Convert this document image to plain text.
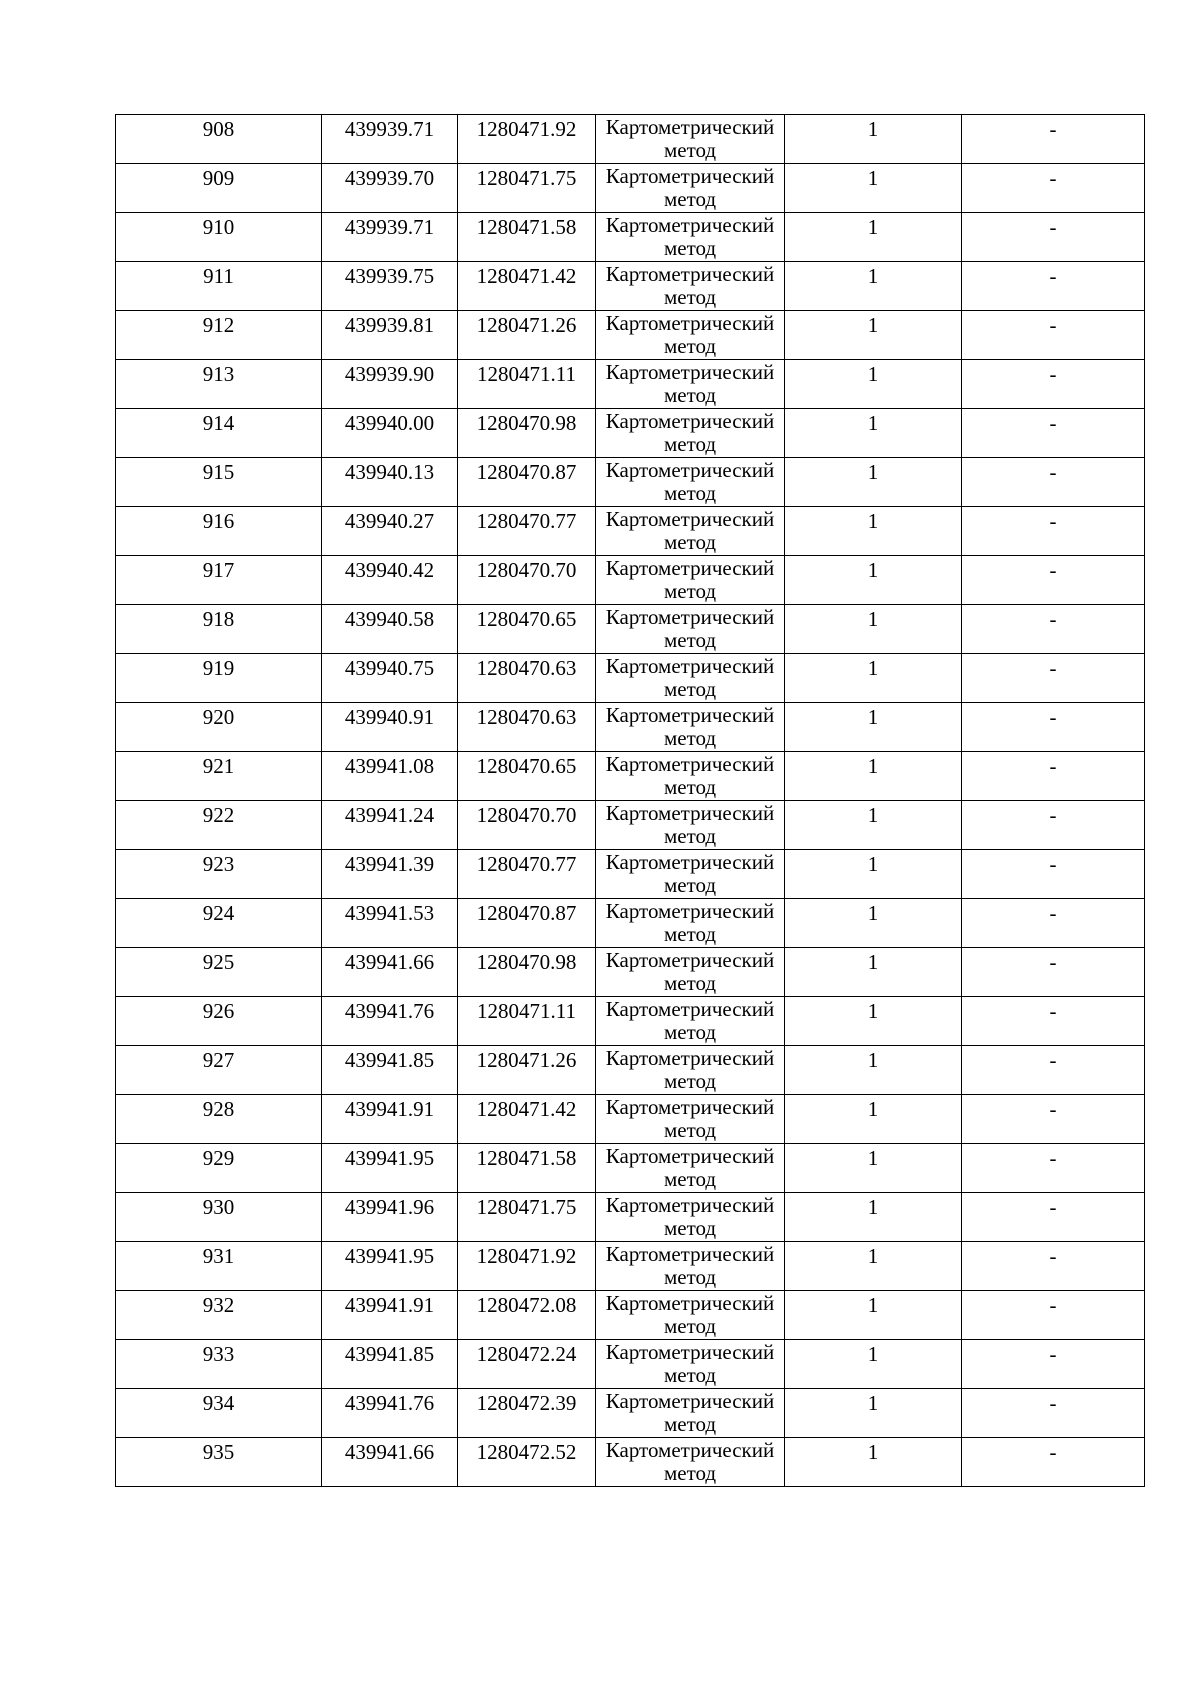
908	439939.71	1280471.92	Картометрический метод	1	-

909	439939.70	1280471.75	Картометрический метод	1	-

910	439939.71	1280471.58	Картометрический метод	1	-

911	439939.75	1280471.42	Картометрический метод	1	-

912	439939.81	1280471.26	Картометрический метод	1	-

913	439939.90	1280471.11	Картометрический метод	1	-

914	439940.00	1280470.98	Картометрический метод	1	-

915	439940.13	1280470.87	Картометрический метод	1	-

916	439940.27	1280470.77	Картометрический метод	1	-

917	439940.42	1280470.70	Картометрический метод	1	-

918	439940.58	1280470.65	Картометрический метод	1	-

919	439940.75	1280470.63	Картометрический метод	1	-

920	439940.91	1280470.63	Картометрический метод	1	-

921	439941.08	1280470.65	Картометрический метод	1	-

922	439941.24	1280470.70	Картометрический метод	1	-

923	439941.39	1280470.77	Картометрический метод	1	-

924	439941.53	1280470.87	Картометрический метод	1	-

925	439941.66	1280470.98	Картометрический метод	1	-

926	439941.76	1280471.11	Картометрический метод	1	-

927	439941.85	1280471.26	Картометрический метод	1	-

928	439941.91	1280471.42	Картометрический метод	1	-

929	439941.95	1280471.58	Картометрический метод	1	-

930	439941.96	1280471.75	Картометрический метод	1	-

931	439941.95	1280471.92	Картометрический метод	1	-

932	439941.91	1280472.08	Картометрический метод	1	-

933	439941.85	1280472.24	Картометрический метод	1	-

934	439941.76	1280472.39	Картометрический метод	1	-

935	439941.66	1280472.52	Картометрический метод	1	-
